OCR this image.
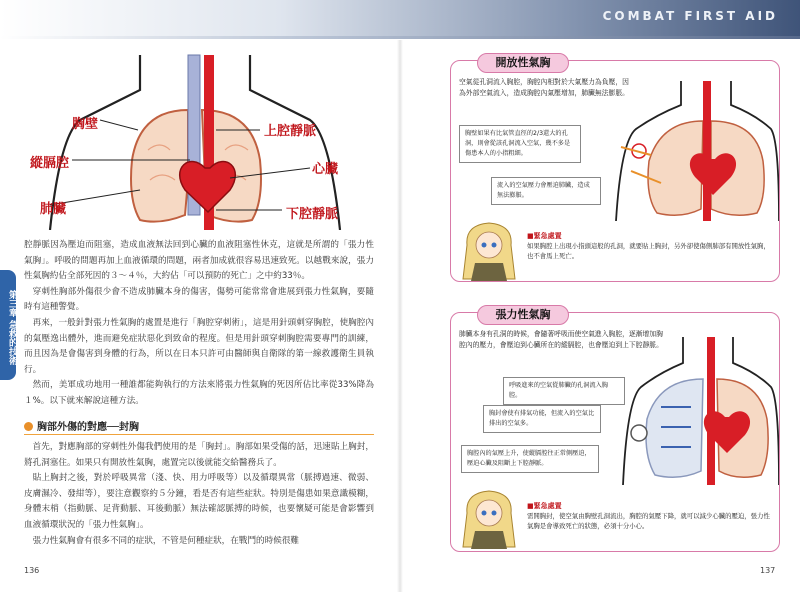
COMBAT FIRST AID
第三章 急救的技術
胸壁	上腔靜脈
縱膈腔	心臟
肺臟	下腔靜脈

腔靜脈因為壓迫而阻塞，造成血液無法回到心臟的血液阻塞性休克，這就是所謂的「張力性氣胸」。呼吸的問題再加上血液循環的問題，兩者加成就很容易迅速致死。以越戰來說，張力性氣胸約佔全部死因的３～４％，大約佔「可以預防的死亡」之中約33％。

穿刺性胸部外傷很少會不造成肺臟本身的傷害，傷勢可能常常會進展到張力性氣胸，要隨時有這種警覺。

再來，一般針對張力性氣胸的處置是進行「胸腔穿刺術」，這是用針頭刺穿胸腔，使胸腔內的氣壓逸出體外，進而避免症狀惡化到致命的程度。但是用針頭穿刺胸腔需要專門的訓練，而且因為是會傷害到身體的行為，所以在日本只許可由醫師與自衛隊的第一線救護衛生員執行。

然而，美軍成功地用一種誰都能夠執行的方法來將張力性氣胸的死因所佔比率從33%降為１%。以下就來解說這種方法。

胸部外傷的對應──封胸

首先，對應胸部的穿刺性外傷我們使用的是「胸封」。胸部如果受傷的話，迅速貼上胸封，將孔洞塞住。如果只有開放性氣胸，處置完以後就能交給醫務兵了。

貼上胸封之後，對於呼吸異常（淺、快、用力呼吸等）以及循環異常（脈搏過速、微弱、皮膚濕冷、發紺等），要注意觀察約５分鐘，看是否有這些症狀。特別是傷患如果意識模糊，身體末梢（指動脈、足背動脈、耳後動脈）無法確認脈搏的時候，也要懷疑可能是會影響到血液循環狀況的「張力性氣胸」。

張力性氣胸會有很多不同的症狀，不管是何種症狀，在戰鬥的時候很難

136	137
開放性氣胸
空氣從孔洞流入胸腔，胸腔內相對於大氣壓力為負壓，因為外部空氣流入，造成胸腔內氣壓增加，肺臟無法膨脹。
胸壁如果有比氣管直徑的2/3還大的孔洞，則會從該孔洞流入空氣，幾不多是傷患本人的小指粗細。
流入的空氣壓力會壓迫肺臟，造成無法膨脹。
■緊急處置
如果胸腔上出現小指頭這般的孔洞，就要貼上胸封，另外卻使傷側肺部有開放性氣胸，也不會馬上死亡。
張力性氣胸
肺臟本身有孔洞的時候，會隨著呼吸而使空氣進入胸腔，逐漸增加胸腔內的壓力，會壓迫到心臟所在的縱膈腔，也會壓迫到上下腔靜脈。
呼吸進來的空氣從肺臟的孔洞流入胸腔。
胸封會使有排氣功能，但流入的空氣比排出的空氣多。
胸腔內的氣壓上升，使縱膈腔往正常側壓迫，壓迫心臟及阻斷上下腔靜脈。
■緊急處置
需開胸封，使空氣由胸壁孔洞流出，胸腔的氣壓下降，就可以減少心臟的壓迫，張力性氣胸是會導致死亡的狀態，必須十分小心。
